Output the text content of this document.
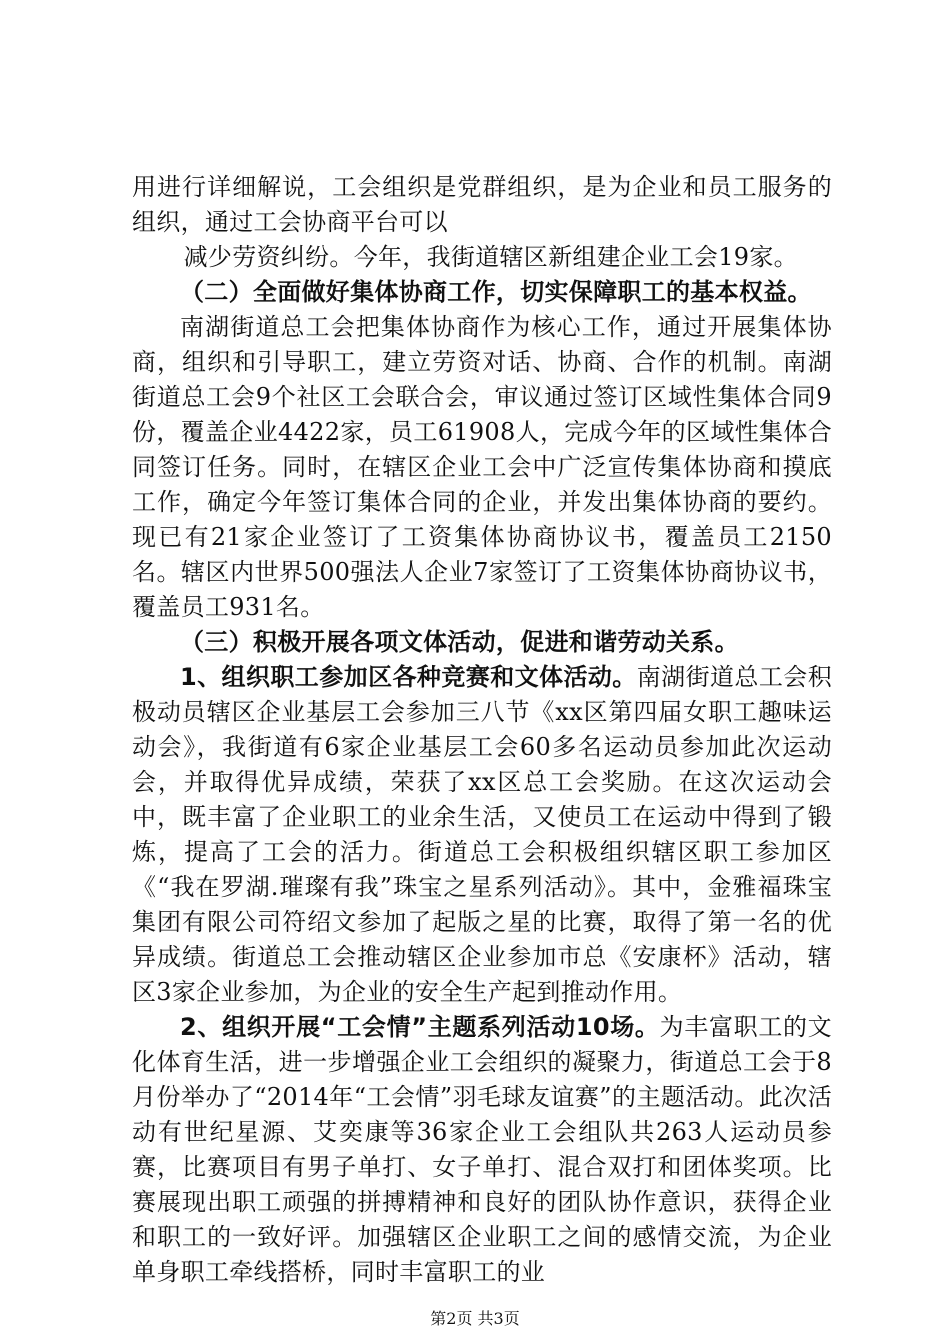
用进行详细解说，工会组织是党群组织，是为企业和员工服务的组织，通过工会协商平台可以

减少劳资纠纷。今年，我街道辖区新组建企业工会19家。

（二）全面做好集体协商工作，切实保障职工的基本权益。

南湖街道总工会把集体协商作为核心工作，通过开展集体协商，组织和引导职工，建立劳资对话、协商、合作的机制。南湖街道总工会9个社区工会联合会，审议通过签订区域性集体合同9份，覆盖企业4422家，员工61908人，完成今年的区域性集体合同签订任务。同时，在辖区企业工会中广泛宣传集体协商和摸底工作，确定今年签订集体合同的企业，并发出集体协商的要约。现已有21家企业签订了工资集体协商协议书，覆盖员工2150名。辖区内世界500强法人企业7家签订了工资集体协商协议书，覆盖员工931名。

（三）积极开展各项文体活动，促进和谐劳动关系。

1、组织职工参加区各种竞赛和文体活动。南湖街道总工会积极动员辖区企业基层工会参加三八节《xx区第四届女职工趣味运动会》，我街道有6家企业基层工会60多名运动员参加此次运动会，并取得优异成绩，荣获了xx区总工会奖励。在这次运动会中，既丰富了企业职工的业余生活，又使员工在运动中得到了锻炼，提高了工会的活力。街道总工会积极组织辖区职工参加区《“我在罗湖.璀璨有我”珠宝之星系列活动》。其中，金雅福珠宝集团有限公司符绍文参加了起版之星的比赛，取得了第一名的优异成绩。街道总工会推动辖区企业参加市总《安康杯》活动，辖区3家企业参加，为企业的安全生产起到推动作用。

2、组织开展“工会情”主题系列活动10场。为丰富职工的文化体育生活，进一步增强企业工会组织的凝聚力，街道总工会于8月份举办了“2014年“工会情”羽毛球友谊赛”的主题活动。此次活动有世纪星源、艾奕康等36家企业工会组队共263人运动员参赛，比赛项目有男子单打、女子单打、混合双打和团体奖项。比赛展现出职工顽强的拼搏精神和良好的团队协作意识，获得企业和职工的一致好评。加强辖区企业职工之间的感情交流，为企业单身职工牵线搭桥，同时丰富职工的业

第2页 共3页
